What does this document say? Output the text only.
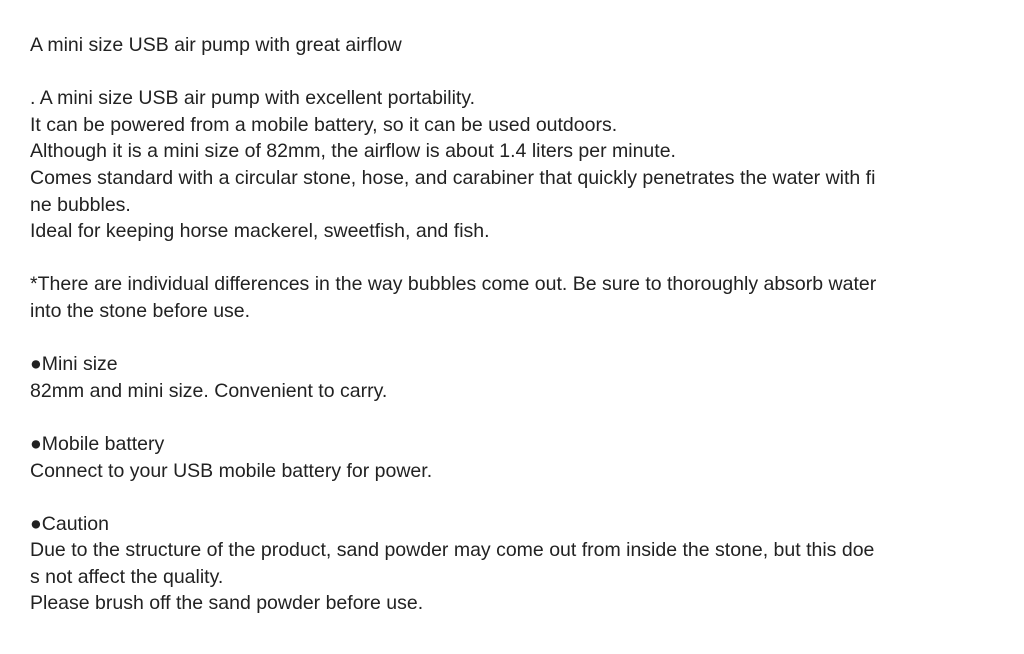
A mini size USB air pump with great airflow
. A mini size USB air pump with excellent portability.
It can be powered from a mobile battery, so it can be used outdoors.
Although it is a mini size of 82mm, the airflow is about 1.4 liters per minute.
Comes standard with a circular stone, hose, and carabiner that quickly penetrates the water with fi
ne bubbles.
Ideal for keeping horse mackerel, sweetfish, and fish.
*There are individual differences in the way bubbles come out. Be sure to thoroughly absorb water
into the stone before use.
●Mini size
82mm and mini size. Convenient to carry.
●Mobile battery
Connect to your USB mobile battery for power.
●Caution
Due to the structure of the product, sand powder may come out from inside the stone, but this doe
s not affect the quality.
Please brush off the sand powder before use.
